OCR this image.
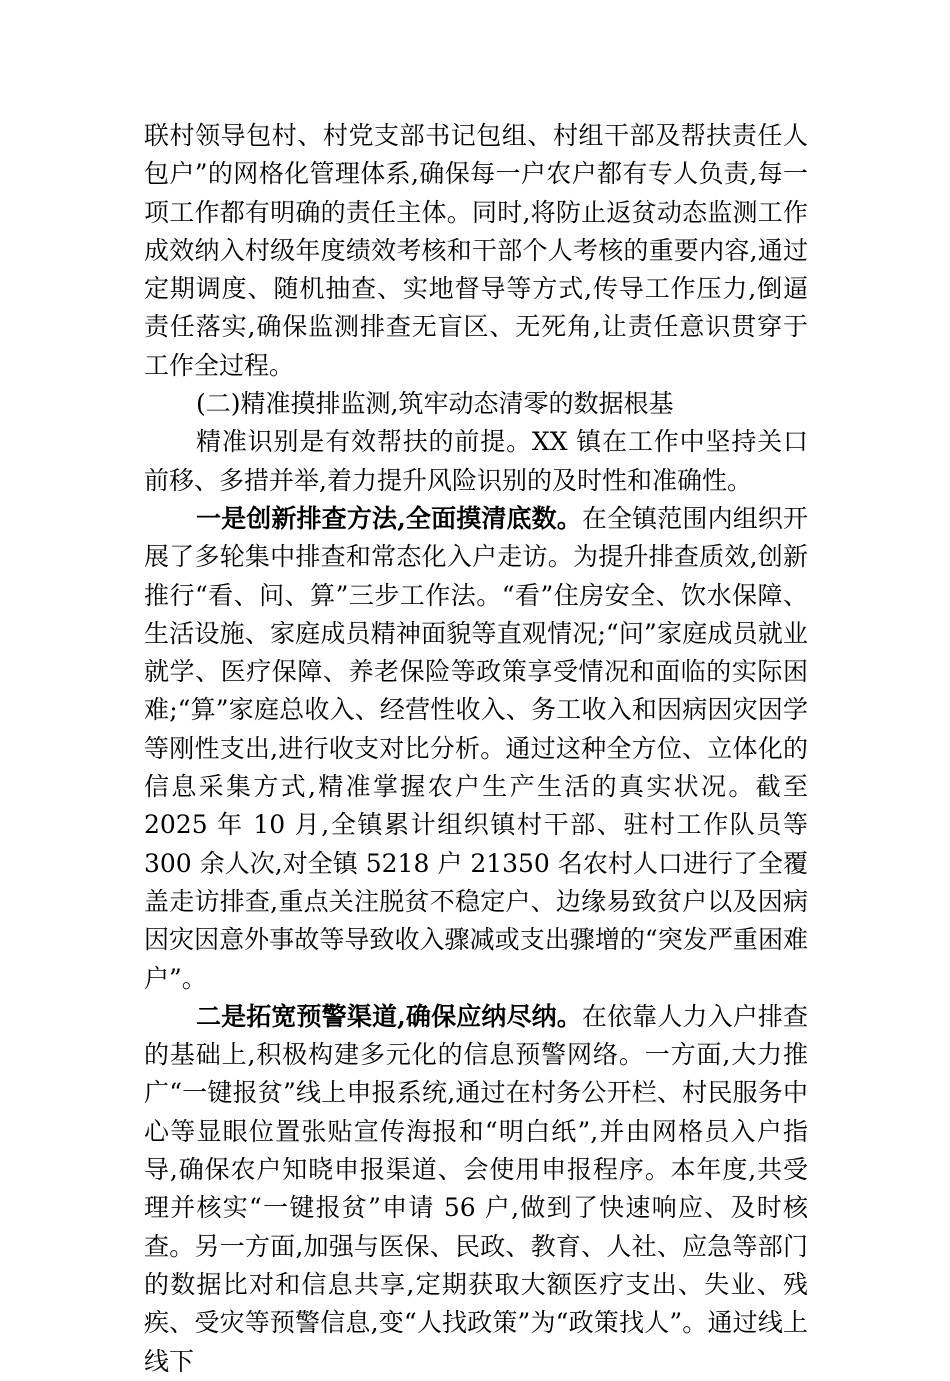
联村领导包村、村党支部书记包组、村组干部及帮扶责任人包户”的网格化管理体系,确保每一户农户都有专人负责,每一项工作都有明确的责任主体。同时,将防止返贫动态监测工作成效纳入村级年度绩效考核和干部个人考核的重要内容,通过定期调度、随机抽查、实地督导等方式,传导工作压力,倒逼责任落实,确保监测排查无盲区、无死角,让责任意识贯穿于工作全过程。

(二)精准摸排监测,筑牢动态清零的数据根基

精准识别是有效帮扶的前提。XX 镇在工作中坚持关口前移、多措并举,着力提升风险识别的及时性和准确性。

一是创新排查方法,全面摸清底数。在全镇范围内组织开展了多轮集中排查和常态化入户走访。为提升排查质效,创新推行“看、问、算”三步工作法。“看”住房安全、饮水保障、生活设施、家庭成员精神面貌等直观情况;“问”家庭成员就业就学、医疗保障、养老保险等政策享受情况和面临的实际困难;“算”家庭总收入、经营性收入、务工收入和因病因灾因学等刚性支出,进行收支对比分析。通过这种全方位、立体化的信息采集方式,精准掌握农户生产生活的真实状况。截至 2025 年 10 月,全镇累计组织镇村干部、驻村工作队员等 300 余人次,对全镇 5218 户 21350 名农村人口进行了全覆盖走访排查,重点关注脱贫不稳定户、边缘易致贫户以及因病因灾因意外事故等导致收入骤减或支出骤增的“突发严重困难户”。

二是拓宽预警渠道,确保应纳尽纳。在依靠人力入户排查的基础上,积极构建多元化的信息预警网络。一方面,大力推广“一键报贫”线上申报系统,通过在村务公开栏、村民服务中心等显眼位置张贴宣传海报和“明白纸”,并由网格员入户指导,确保农户知晓申报渠道、会使用申报程序。本年度,共受理并核实“一键报贫”申请 56 户,做到了快速响应、及时核查。另一方面,加强与医保、民政、教育、人社、应急等部门的数据比对和信息共享,定期获取大额医疗支出、失业、残疾、受灾等预警信息,变“人找政策”为“政策找人”。通过线上线下
